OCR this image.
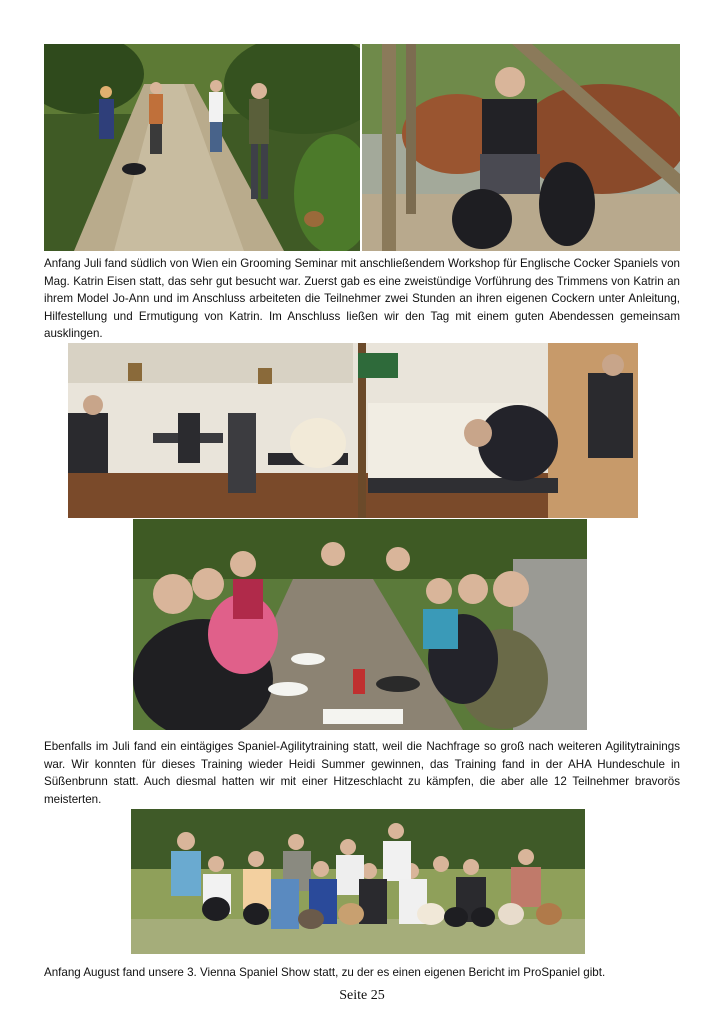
Anfang Juli fand südlich von Wien ein Grooming Seminar mit anschließendem Workshop für Englische Cocker Spaniels von Mag. Katrin Eisen statt, das sehr gut besucht war. Zuerst gab es eine zweistündige Vorführung des Trimmens von Katrin an ihrem Model Jo-Ann und im Anschluss arbeiteten die Teilnehmer zwei Stunden an ihren eigenen Cockern unter Anleitung, Hilfestellung und Ermutigung von Katrin. Im Anschluss ließen wir den Tag mit einem guten Abendessen gemeinsam ausklingen.

Ebenfalls im Juli fand ein eintägiges Spaniel-Agilitytraining statt, weil die Nachfrage so groß nach weiteren Agilitytrainings war. Wir konnten für dieses Training wieder Heidi Summer gewinnen, das Training fand in der AHA Hundeschule in Süßenbrunn statt. Auch diesmal hatten wir mit einer Hitzeschlacht zu kämpfen, die aber alle 12 Teilnehmer bravorös meisterten.

Anfang August fand unsere 3. Vienna Spaniel Show statt, zu der es einen eigenen Bericht im ProSpaniel gibt.

Seite 25
